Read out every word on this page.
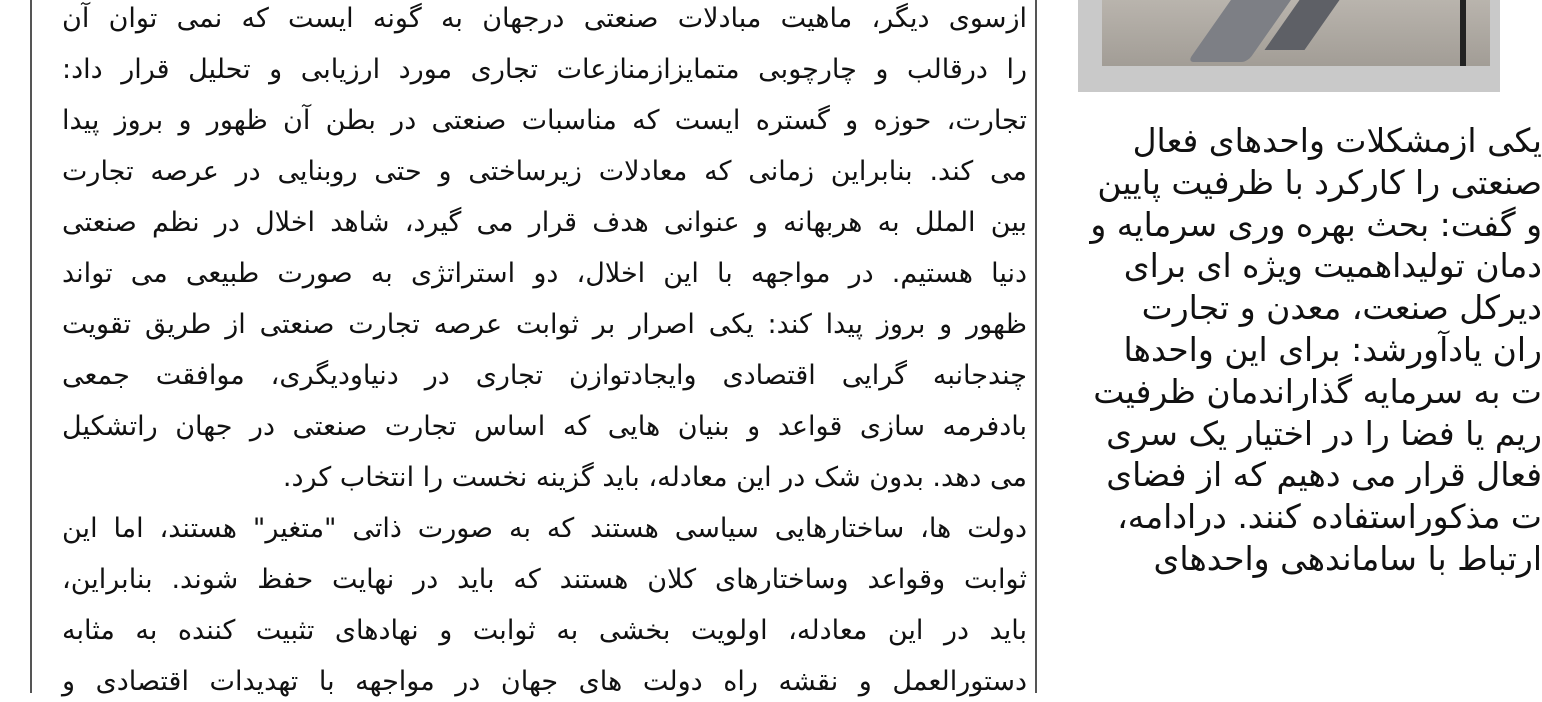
ازسوی دیگر، ماهیت مبادلات صنعتی درجهان به گونه ایست که نمی توان آن
را درقالب و چارچوبی متمایزازمنازعات تجاری مورد ارزیابی و تحلیل قرار داد:
تجارت، حوزه و گستره ایست که مناسبات صنعتی در بطن آن ظهور و بروز پیدا
می کند. بنابراین زمانی که معادلات زیرساختی و حتی روبنایی در عرصه تجارت
بین الملل به هربهانه و عنوانی هدف قرار می گیرد، شاهد اخلال در نظم صنعتی
دنیا هستیم. در مواجهه با این اخلال، دو استراتژی به صورت طبیعی می تواند
ظهور و بروز پیدا کند: یکی اصرار بر ثوابت عرصه تجارت صنعتی از طریق تقویت
چندجانبه گرایی اقتصادی وایجادتوازن تجاری در دنیاودیگری، موافقت جمعی
بادفرمه سازی قواعد و بنیان هایی که اساس تجارت صنعتی در جهان راتشکیل
می دهد. بدون شک در این معادله، باید گزینه نخست را انتخاب کرد.
دولت ها، ساختارهایی سیاسی هستند که به صورت ذاتی "متغیر" هستند، اما این
ثوابت وقواعد وساختارهای کلان هستند که باید در نهایت حفظ شوند. بنابراین،
باید در این معادله، اولویت بخشی به ثوابت و نهادهای تثبیت کننده به مثابه
دستورالعمل و نقشه راه دولت های جهان در مواجهه با تهدیدات اقتصادی و
یکی ازمشکلات واحدهای فعال
صنعتی را کارکرد با ظرفیت پایین
و گفت: بحث بهره وری سرمایه و
دمان تولیداهمیت ویژه ای برای
دیرکل صنعت، معدن و تجارت
ران یادآورشد: برای این واحدها
ت به سرمایه گذاراندمان ظرفیت
ریم یا فضا را در اختیار یک سری
فعال قرار می دهیم که از فضای
ت مذکوراستفاده کنند. درادامه،
ارتباط با ساماندهی واحدهای
